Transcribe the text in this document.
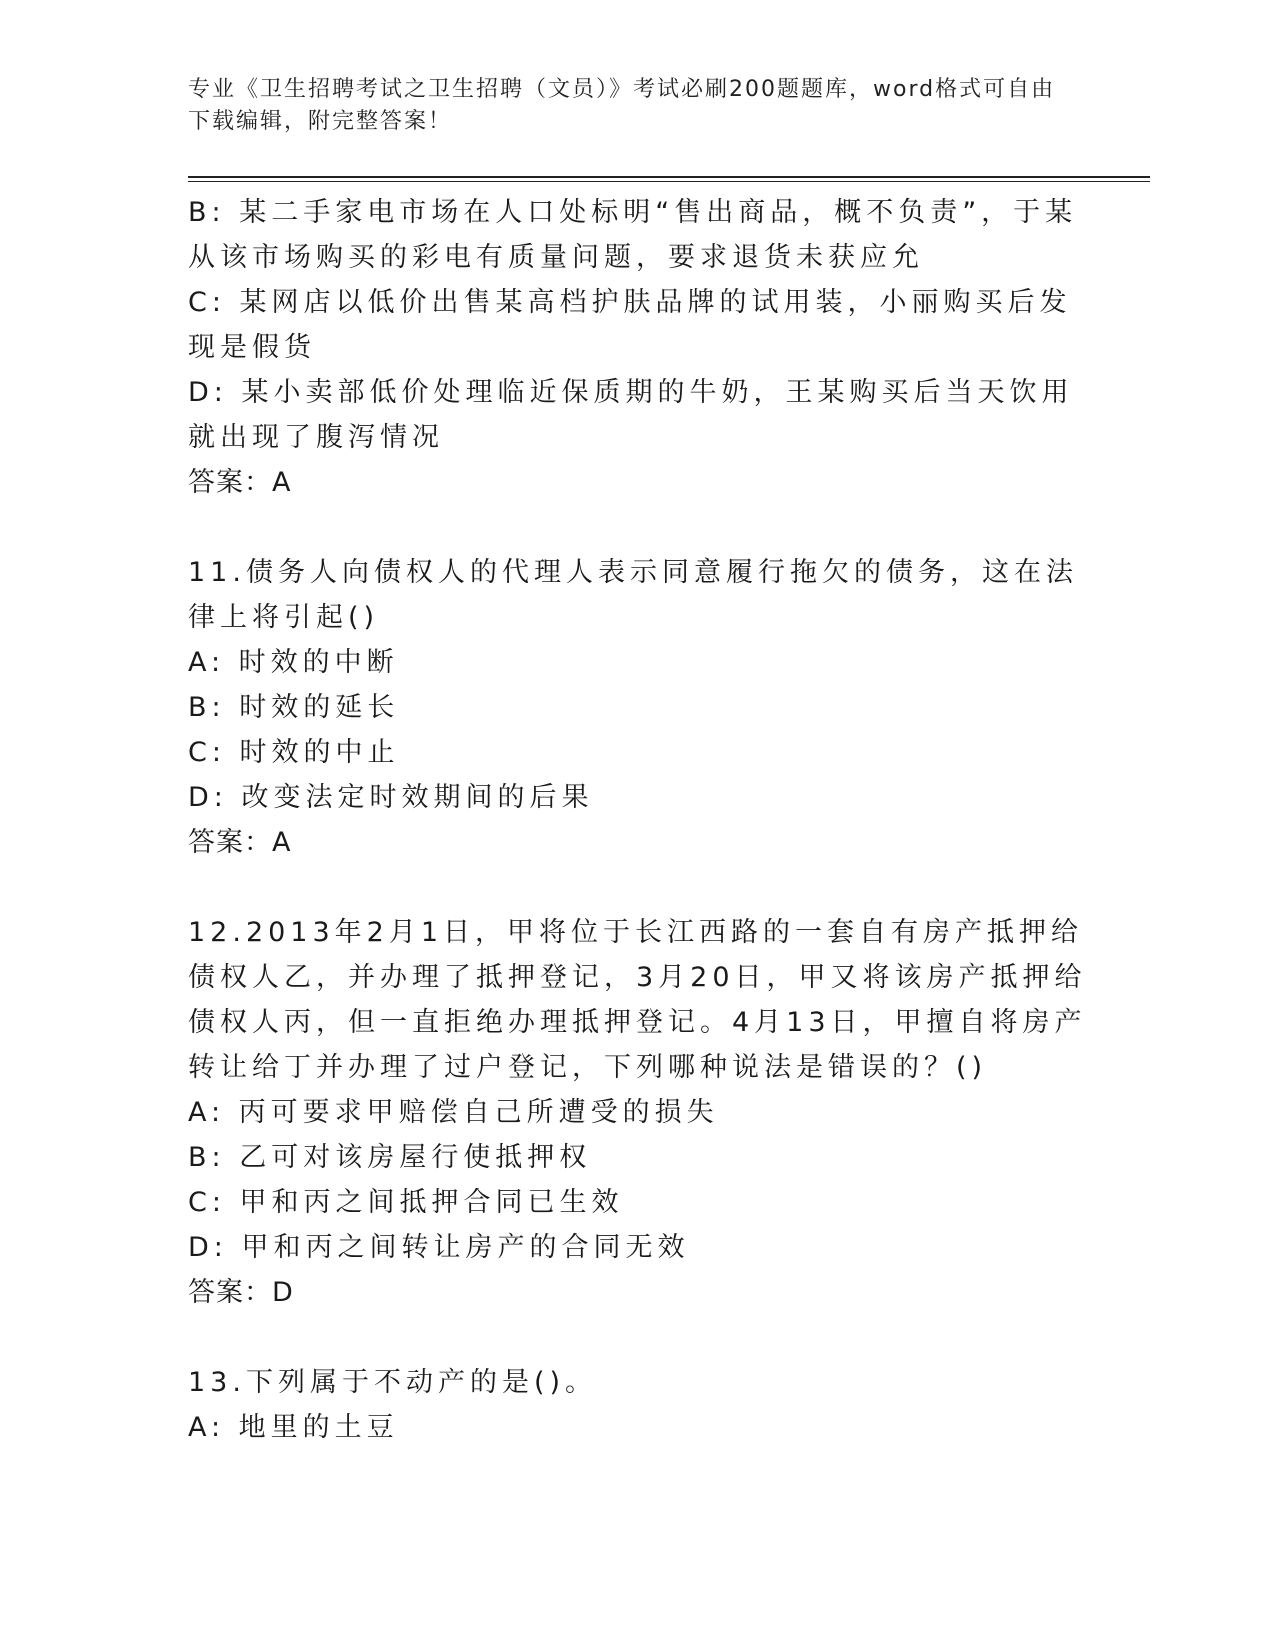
专业《卫生招聘考试之卫生招聘（文员）》考试必刷200题题库，word格式可自由下载编辑，附完整答案！

B: 某二手家电市场在人口处标明“售出商品，概不负责”，于某从该市场购买的彩电有质量问题，要求退货未获应允

C: 某网店以低价出售某高档护肤品牌的试用装，小丽购买后发现是假货

D: 某小卖部低价处理临近保质期的牛奶，王某购买后当天饮用就出现了腹泻情况

答案：A

11.债务人向债权人的代理人表示同意履行拖欠的债务，这在法律上将引起()

A: 时效的中断

B: 时效的延长

C: 时效的中止

D: 改变法定时效期间的后果

答案：A

12.2013年2月1日，甲将位于长江西路的一套自有房产抵押给债权人乙，并办理了抵押登记，3月20日，甲又将该房产抵押给债权人丙，但一直拒绝办理抵押登记。4月13日，甲擅自将房产转让给丁并办理了过户登记，下列哪种说法是错误的？()

A: 丙可要求甲赔偿自己所遭受的损失

B: 乙可对该房屋行使抵押权

C: 甲和丙之间抵押合同已生效

D: 甲和丙之间转让房产的合同无效

答案：D

13.下列属于不动产的是()。

A: 地里的土豆
